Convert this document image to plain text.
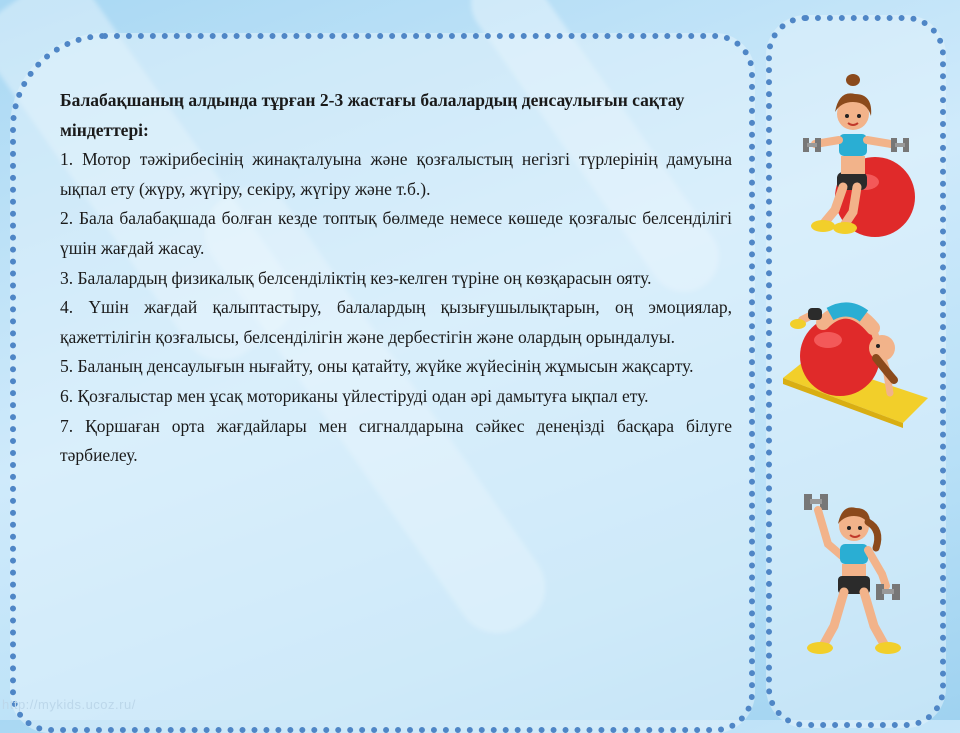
Балабақшаның алдында тұрған 2-3 жастағы балалардың денсаулығын сақтау міндеттері:
1. Мотор тәжірибесінің жинақталуына және қозғалыстың негізгі түрлерінің дамуына ықпал ету (жүру, жүгіру, секіру, жүгіру және т.б.).
2. Бала балабақшада болған кезде топтық бөлмеде немесе көшеде қозғалыс белсенділігі үшін жағдай жасау.
3. Балалардың физикалық белсенділіктің кез-келген түріне оң көзқарасын ояту.
4. Үшін жағдай қалыптастыру, балалардың қызығушылықтарын, оң эмоциялар, қажеттілігін қозғалысы, белсенділігін және дербестігін және олардың орындалуы.
5. Баланың денсаулығын нығайту, оны қатайту, жүйке жүйесінің жұмысын жақсарту.
6. Қозғалыстар мен ұсақ моториканы үйлестіруді одан әрі дамытуға ықпал ету.
7. Қоршаған орта жағдайлары мен сигналдарына сәйкес денеңізді басқара білуге тәрбиелеу.
http://mykids.ucoz.ru/
